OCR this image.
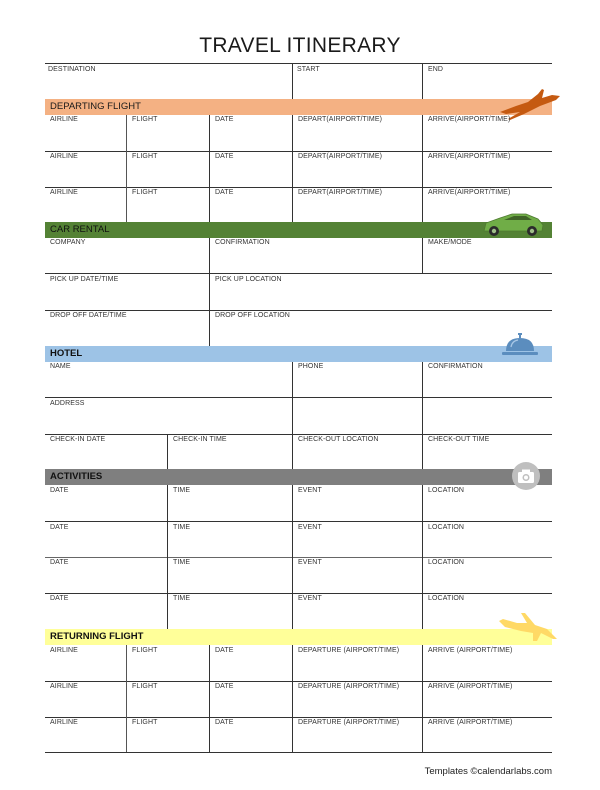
TRAVEL ITINERARY
DESTINATION	START	END
DEPARTING FLIGHT
AIRLINE	FLIGHT	DATE	DEPART(AIRPORT/TIME)	ARRIVE(AIRPORT/TIME)
AIRLINE	FLIGHT	DATE	DEPART(AIRPORT/TIME)	ARRIVE(AIRPORT/TIME)
AIRLINE	FLIGHT	DATE	DEPART(AIRPORT/TIME)	ARRIVE(AIRPORT/TIME)
CAR RENTAL
COMPANY	CONFIRMATION	MAKE/MODE
PICK UP DATE/TIME	PICK UP LOCATION
DROP OFF DATE/TIME	DROP OFF LOCATION
HOTEL
NAME	PHONE	CONFIRMATION
ADDRESS
CHECK-IN DATE	CHECK-IN TIME	CHECK-OUT LOCATION	CHECK-OUT TIME
ACTIVITIES
DATE	TIME	EVENT	LOCATION
DATE	TIME	EVENT	LOCATION
DATE	TIME	EVENT	LOCATION
DATE	TIME	EVENT	LOCATION
RETURNING FLIGHT
AIRLINE	FLIGHT	DATE	DEPARTURE (AIRPORT/TIME)	ARRIVE (AIRPORT/TIME)
AIRLINE	FLIGHT	DATE	DEPARTURE (AIRPORT/TIME)	ARRIVE (AIRPORT/TIME)
AIRLINE	FLIGHT	DATE	DEPARTURE (AIRPORT/TIME)	ARRIVE (AIRPORT/TIME)
Templates ©calendarlabs.com
